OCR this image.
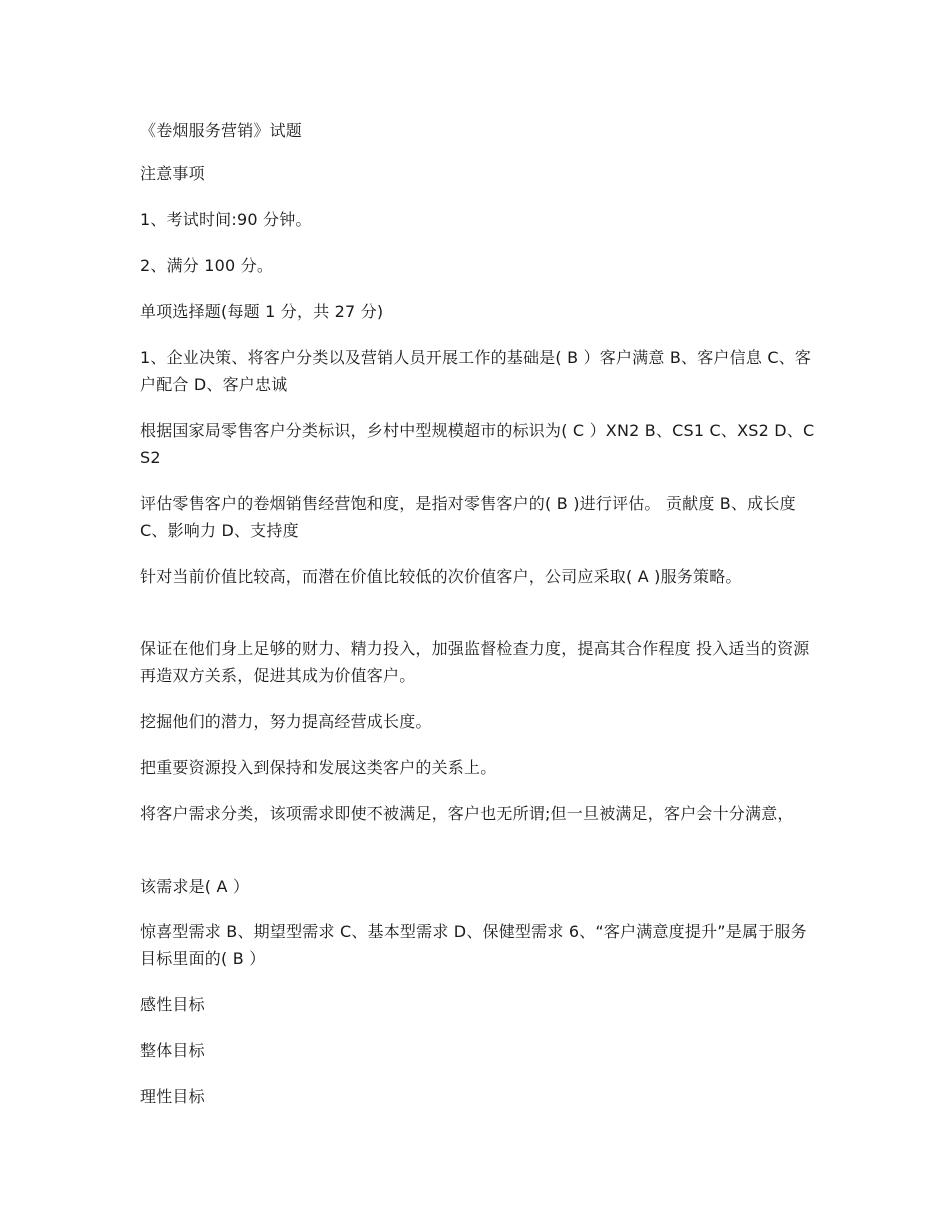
《卷烟服务营销》试题

注意事项

1、考试时间:90 分钟。

2、满分 100 分。

单项选择题(每题 1 分，共 27 分)

1、企业决策、将客户分类以及营销人员开展工作的基础是( B ）客户满意 B、客户信息 C、客户配合 D、客户忠诚

根据国家局零售客户分类标识，乡村中型规模超市的标识为( C ）XN2 B、CS1 C、XS2 D、CS2

评估零售客户的卷烟销售经营饱和度，是指对零售客户的( B )进行评估。 贡献度 B、成长度 C、影响力 D、支持度

针对当前价值比较高，而潜在价值比较低的次价值客户，公司应采取( A )服务策略。

保证在他们身上足够的财力、精力投入，加强监督检查力度，提高其合作程度 投入适当的资源再造双方关系，促进其成为价值客户。

挖掘他们的潜力，努力提高经营成长度。

把重要资源投入到保持和发展这类客户的关系上。

将客户需求分类，该项需求即使不被满足，客户也无所谓;但一旦被满足，客户会十分满意，

该需求是( A ）

惊喜型需求 B、期望型需求 C、基本型需求 D、保健型需求 6、“客户满意度提升”是属于服务目标里面的( B ）

感性目标

整体目标

理性目标
